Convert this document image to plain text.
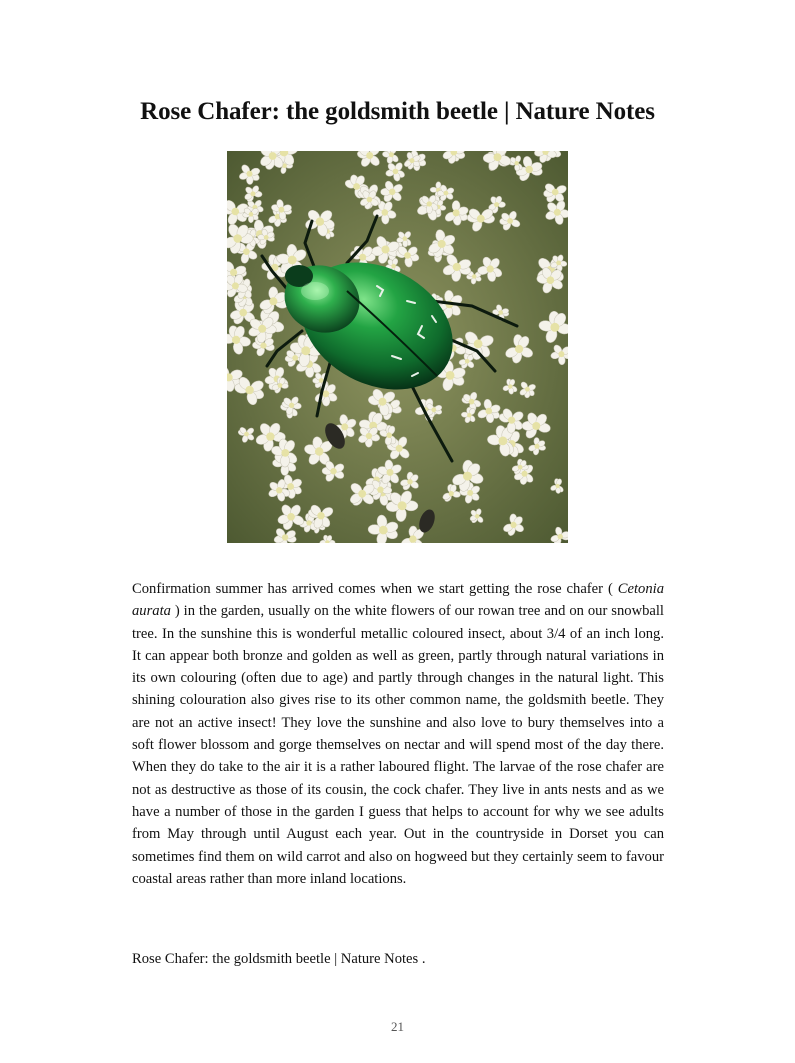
Rose Chafer: the goldsmith beetle | Nature Notes

Confirmation summer has arrived comes when we start getting the rose chafer ( Cetonia aurata ) in the garden, usually on the white flowers of our rowan tree and on our snowball tree. In the sunshine this is wonderful metallic coloured insect, about 3/4 of an inch long. It can appear both bronze and golden as well as green, partly through natural variations in its own colouring (often due to age) and partly through changes in the natural light. This shining colouration also gives rise to its other common name, the goldsmith beetle. They are not an active insect! They love the sunshine and also love to bury themselves into a soft flower blossom and gorge themselves on nectar and will spend most of the day there. When they do take to the air it is a rather laboured flight. The larvae of the rose chafer are not as destructive as those of its cousin, the cock chafer. They live in ants nests and as we have a number of those in the garden I guess that helps to account for why we see adults from May through until August each year. Out in the countryside in Dorset you can sometimes find them on wild carrot and also on hogweed but they certainly seem to favour coastal areas rather than more inland locations.

Rose Chafer: the goldsmith beetle | Nature Notes .

21
